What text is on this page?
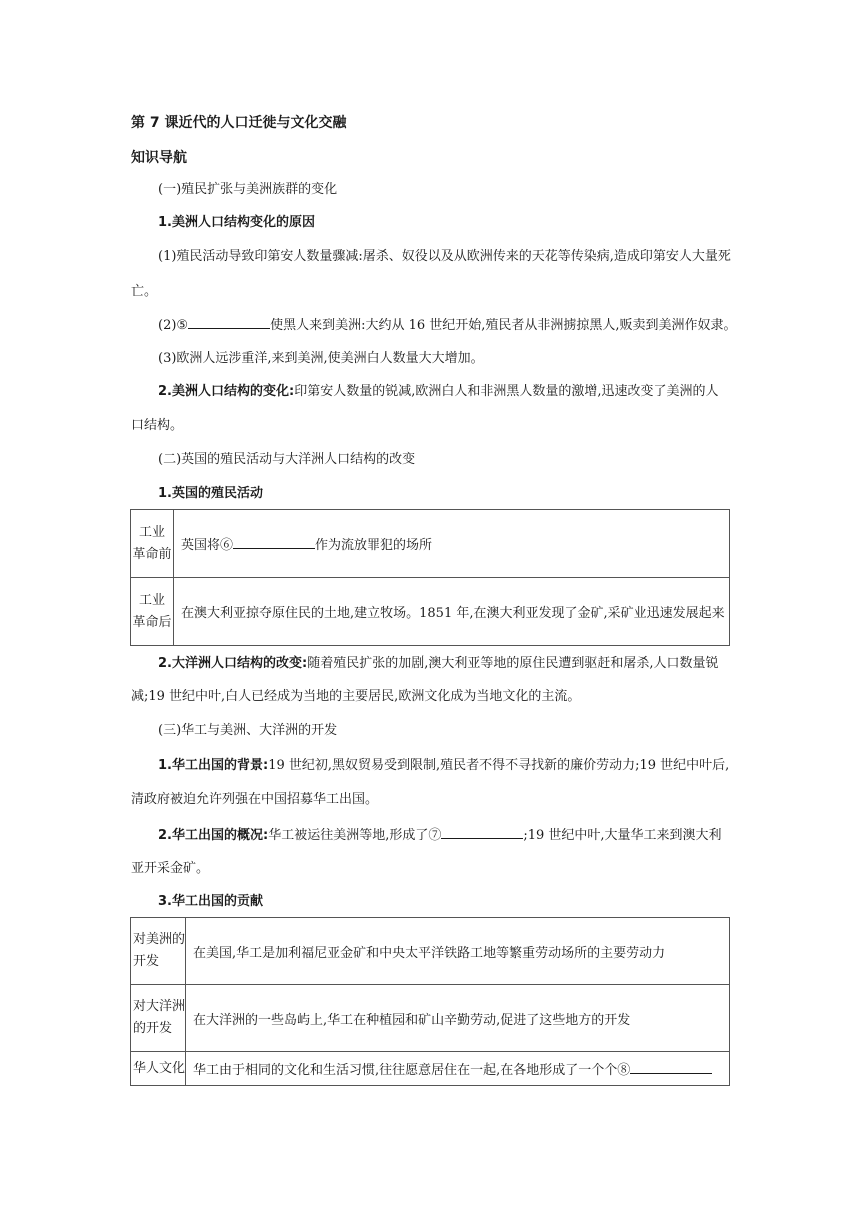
第 7 课近代的人口迁徙与文化交融
知识导航
(一)殖民扩张与美洲族群的变化
1.美洲人口结构变化的原因
(1)殖民活动导致印第安人数量骤减:屠杀、奴役以及从欧洲传来的天花等传染病,造成印第安人大量死
亡。
(2)⑤	使黑人来到美洲:大约从 16 世纪开始,殖民者从非洲掳掠黑人,贩卖到美洲作奴隶。
(3)欧洲人远涉重洋,来到美洲,使美洲白人数量大大增加。
2.美洲人口结构的变化:印第安人数量的锐减,欧洲白人和非洲黑人数量的激增,迅速改变了美洲的人
口结构。
(二)英国的殖民活动与大洋洲人口结构的改变
1.英国的殖民活动
工业
革命前	英国将⑥ 作为流放罪犯的场所

工业
革命后	在澳大利亚掠夺原住民的土地,建立牧场。1851 年,在澳大利亚发现了金矿,采矿业迅速发展起来
2.大洋洲人口结构的改变:随着殖民扩张的加剧,澳大利亚等地的原住民遭到驱赶和屠杀,人口数量锐
减;19 世纪中叶,白人已经成为当地的主要居民,欧洲文化成为当地文化的主流。
(三)华工与美洲、大洋洲的开发
1.华工出国的背景:19 世纪初,黑奴贸易受到限制,殖民者不得不寻找新的廉价劳动力;19 世纪中叶后,
清政府被迫允许列强在中国招募华工出国。
2.华工出国的概况:华工被运往美洲等地,形成了⑦	;19 世纪中叶,大量华工来到澳大利
亚开采金矿。
3.华工出国的贡献
对美洲的
开发	在美国,华工是加利福尼亚金矿和中央太平洋铁路工地等繁重劳动场所的主要劳动力

对大洋洲
的开发	在大洋洲的一些岛屿上,华工在种植园和矿山辛勤劳动,促进了这些地方的开发

华人文化	华工由于相同的文化和生活习惯,往往愿意居住在一起,在各地形成了一个个⑧
